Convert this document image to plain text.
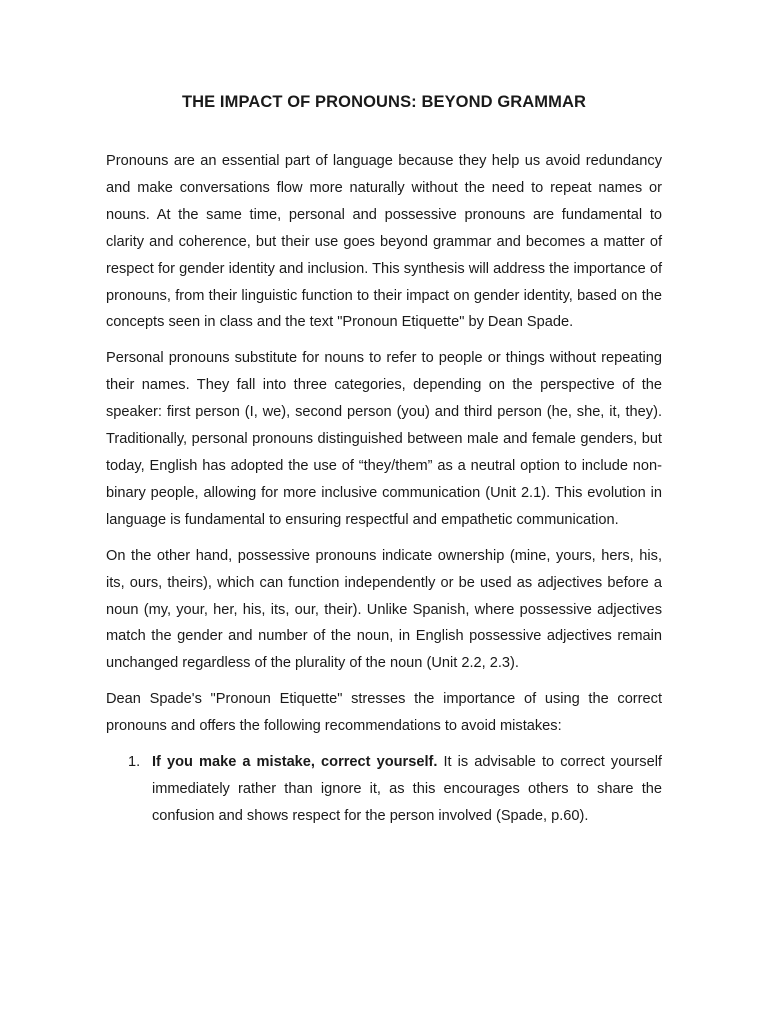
THE IMPACT OF PRONOUNS: BEYOND GRAMMAR

Pronouns are an essential part of language because they help us avoid redundancy and make conversations flow more naturally without the need to repeat names or nouns. At the same time, personal and possessive pronouns are fundamental to clarity and coherence, but their use goes beyond grammar and becomes a matter of respect for gender identity and inclusion. This synthesis will address the importance of pronouns, from their linguistic function to their impact on gender identity, based on the concepts seen in class and the text "Pronoun Etiquette" by Dean Spade.

Personal pronouns substitute for nouns to refer to people or things without repeating their names. They fall into three categories, depending on the perspective of the speaker: first person (I, we), second person (you) and third person (he, she, it, they). Traditionally, personal pronouns distinguished between male and female genders, but today, English has adopted the use of “they/them” as a neutral option to include non-binary people, allowing for more inclusive communication (Unit 2.1). This evolution in language is fundamental to ensuring respectful and empathetic communication.

On the other hand, possessive pronouns indicate ownership (mine, yours, hers, his, its, ours, theirs), which can function independently or be used as adjectives before a noun (my, your, her, his, its, our, their). Unlike Spanish, where possessive adjectives match the gender and number of the noun, in English possessive adjectives remain unchanged regardless of the plurality of the noun (Unit 2.2, 2.3).

Dean Spade's "Pronoun Etiquette" stresses the importance of using the correct pronouns and offers the following recommendations to avoid mistakes:

1. If you make a mistake, correct yourself. It is advisable to correct yourself immediately rather than ignore it, as this encourages others to share the confusion and shows respect for the person involved (Spade, p.60).
